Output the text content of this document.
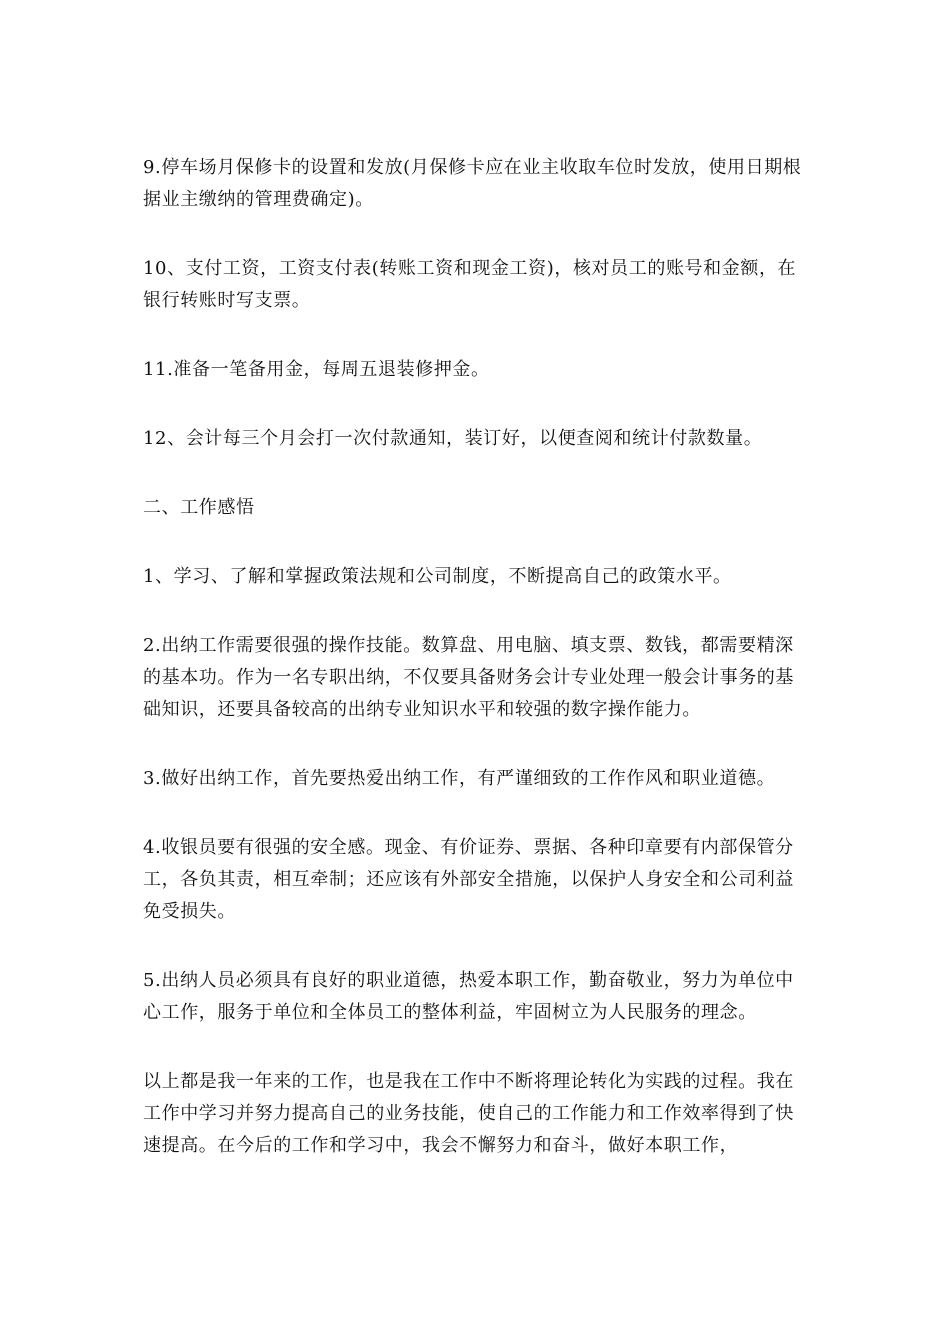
9.停车场月保修卡的设置和发放(月保修卡应在业主收取车位时发放，使用日期根据业主缴纳的管理费确定)。

10、支付工资，工资支付表(转账工资和现金工资)，核对员工的账号和金额，在银行转账时写支票。

11.准备一笔备用金，每周五退装修押金。

12、会计每三个月会打一次付款通知，装订好，以便查阅和统计付款数量。

二、工作感悟

1、学习、了解和掌握政策法规和公司制度，不断提高自己的政策水平。

2.出纳工作需要很强的操作技能。数算盘、用电脑、填支票、数钱，都需要精深的基本功。作为一名专职出纳，不仅要具备财务会计专业处理一般会计事务的基础知识，还要具备较高的出纳专业知识水平和较强的数字操作能力。

3.做好出纳工作，首先要热爱出纳工作，有严谨细致的工作作风和职业道德。

4.收银员要有很强的安全感。现金、有价证券、票据、各种印章要有内部保管分工，各负其责，相互牵制；还应该有外部安全措施，以保护人身安全和公司利益免受损失。

5.出纳人员必须具有良好的职业道德，热爱本职工作，勤奋敬业，努力为单位中心工作，服务于单位和全体员工的整体利益，牢固树立为人民服务的理念。

以上都是我一年来的工作，也是我在工作中不断将理论转化为实践的过程。我在工作中学习并努力提高自己的业务技能，使自己的工作能力和工作效率得到了快速提高。在今后的工作和学习中，我会不懈努力和奋斗，做好本职工作，
